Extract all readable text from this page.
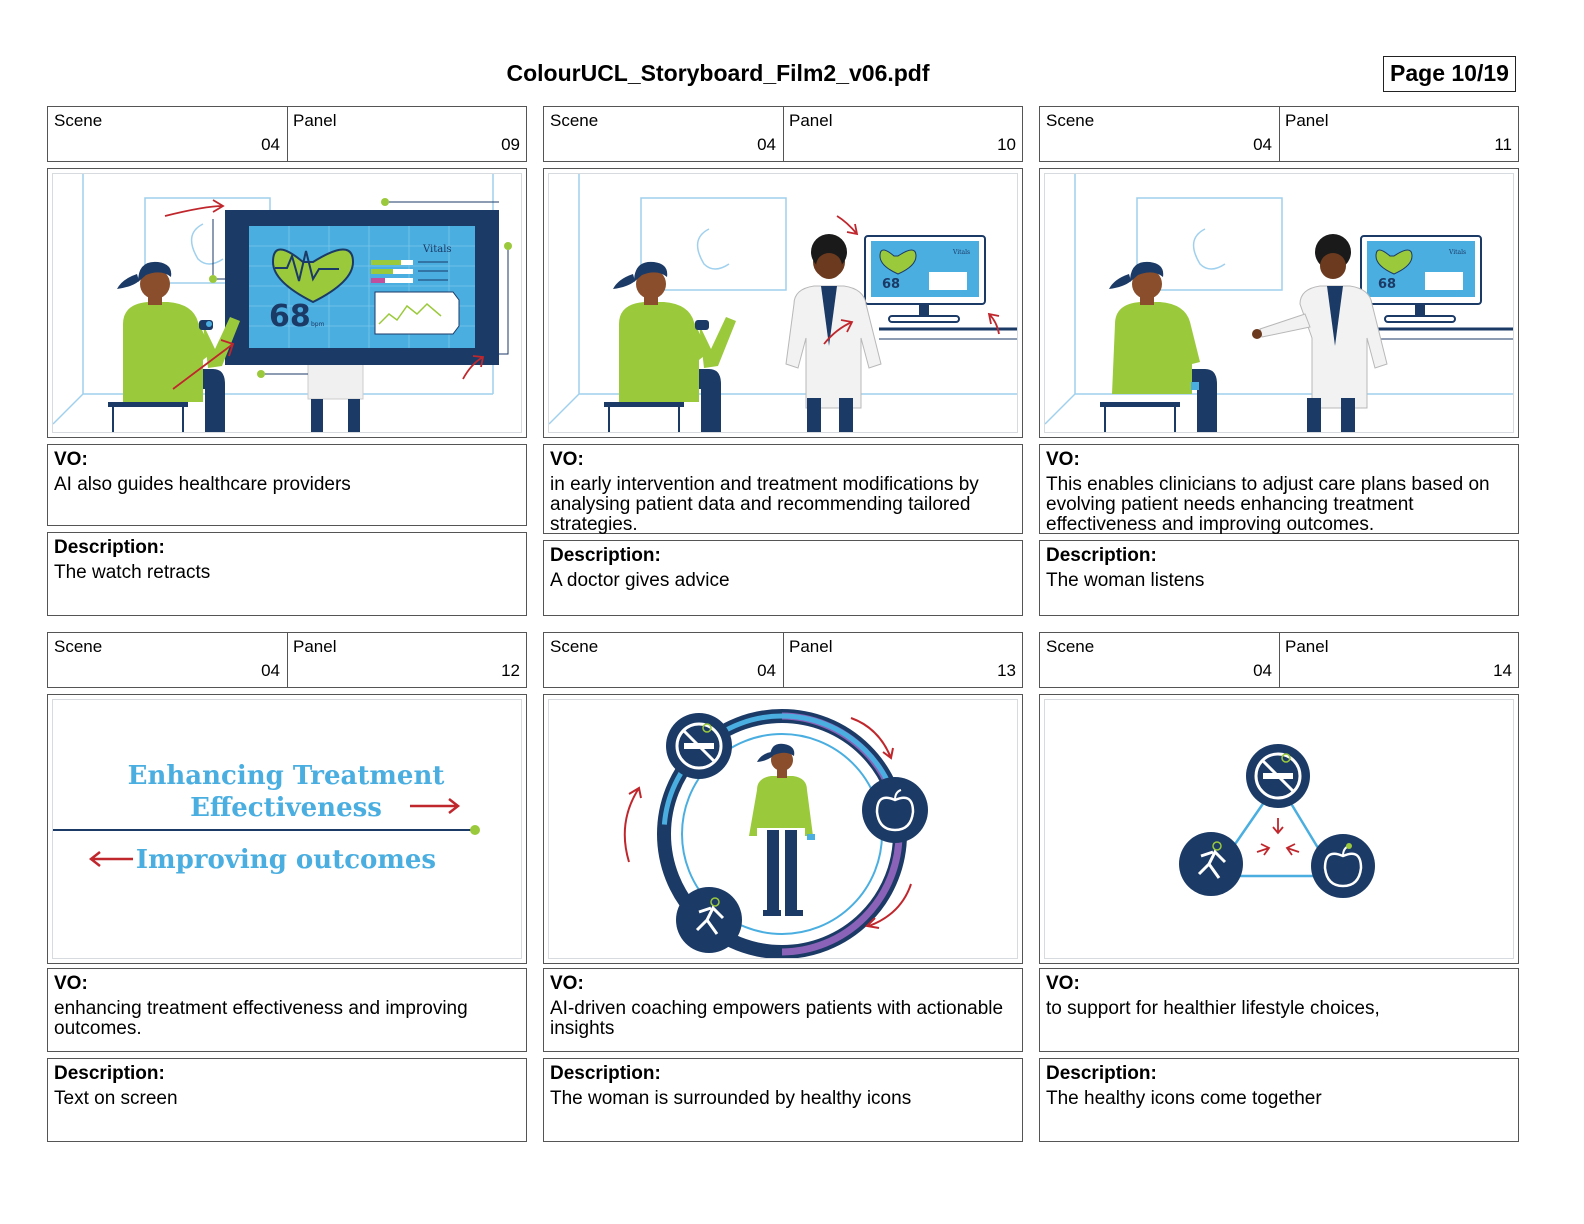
ColourUCL_Storyboard_Film2_v06.pdf	Page 10/19
Scene
04
Panel
09
68 bpm
Vitals
VO:
AI also guides healthcare providers
Description:
The watch retracts
Scene
04
Panel
10
68
Vitals
VO:
in early intervention and treatment modifications by analysing patient data and recommending tailored strategies.
Description:
A doctor gives advice
Scene
04
Panel
11
68
Vitals
VO:
This enables clinicians to adjust care plans based on evolving patient needs enhancing treatment effectiveness and improving outcomes.
Description:
The woman listens
Scene
04
Panel
12
Enhancing Treatment
Effectiveness
Improving outcomes
VO:
enhancing treatment effectiveness and improving outcomes.
Description:
Text on screen
Scene
04
Panel
13
VO:
AI-driven coaching empowers patients with actionable insights
Description:
The woman is surrounded by healthy icons
Scene
04
Panel
14
VO:
to support for healthier lifestyle choices,
Description:
The healthy icons come together
